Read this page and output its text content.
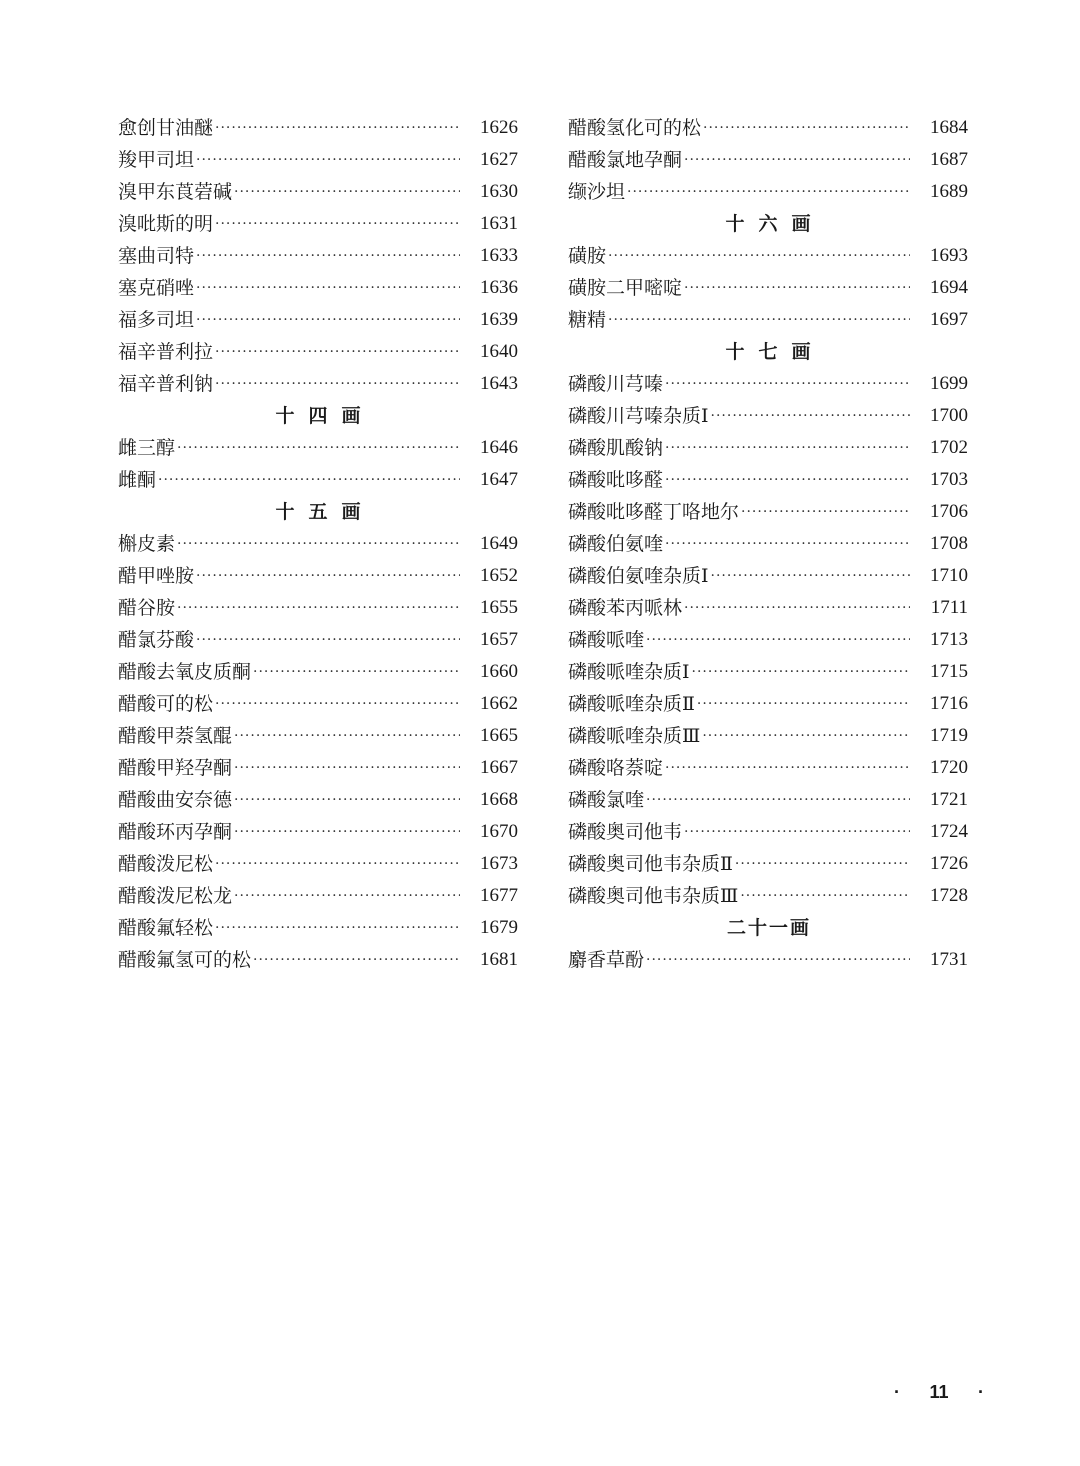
愈创甘油醚 ·····	1626
羧甲司坦 ·····	1627
溴甲东莨菪碱 ·····	1630
溴吡斯的明 ·····	1631
塞曲司特 ·····	1633
塞克硝唑 ·····	1636
福多司坦 ·····	1639
福辛普利拉 ·····	1640
福辛普利钠 ·····	1643
十四画
雌三醇 ·····	1646
雌酮 ·····	1647
十五画
槲皮素 ·····	1649
醋甲唑胺 ·····	1652
醋谷胺 ·····	1655
醋氯芬酸 ·····	1657
醋酸去氧皮质酮 ·····	1660
醋酸可的松 ·····	1662
醋酸甲萘氢醌 ·····	1665
醋酸甲羟孕酮 ·····	1667
醋酸曲安奈德 ·····	1668
醋酸环丙孕酮 ·····	1670
醋酸泼尼松 ·····	1673
醋酸泼尼松龙 ·····	1677
醋酸氟轻松 ·····	1679
醋酸氟氢可的松 ·····	1681
醋酸氢化可的松 ·····	1684
醋酸氯地孕酮 ·····	1687
缬沙坦 ·····	1689
十六画
磺胺 ·····	1693
磺胺二甲嘧啶 ·····	1694
糖精 ·····	1697
十七画
磷酸川芎嗪 ·····	1699
磷酸川芎嗪杂质Ⅰ ·····	1700
磷酸肌酸钠 ·····	1702
磷酸吡哆醛 ·····	1703
磷酸吡哆醛丁咯地尔 ·····	1706
磷酸伯氨喹 ·····	1708
磷酸伯氨喹杂质Ⅰ ·····	1710
磷酸苯丙哌林 ·····	1711
磷酸哌喹 ·····	1713
磷酸哌喹杂质Ⅰ ·····	1715
磷酸哌喹杂质Ⅱ ·····	1716
磷酸哌喹杂质Ⅲ ·····	1719
磷酸咯萘啶 ·····	1720
磷酸氯喹 ·····	1721
磷酸奥司他韦 ·····	1724
磷酸奥司他韦杂质Ⅱ ·····	1726
磷酸奥司他韦杂质Ⅲ ·····	1728
二十一画
麝香草酚 ·····	1731
· 11 ·
